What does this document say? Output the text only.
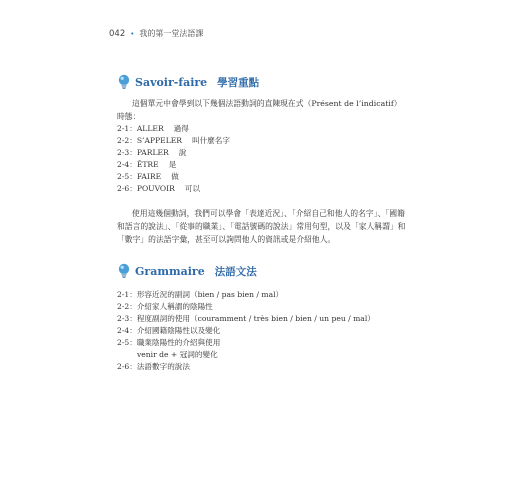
042 • 我的第一堂法語課
Savoir-faire 學習重點
這個單元中會學到以下幾個法語動詞的直陳現在式（Présent de l’indicatif）時態：
2-1：ALLER 過得
2-2：S’APPELER 叫什麼名字
2-3：PARLER 說
2-4：ÊTRE 是
2-5：FAIRE 做
2-6：POUVOIR 可以
使用這幾個動詞，我們可以學會「表達近況」、「介紹自己和他人的名字」、「國籍和語言的說法」、「從事的職業」、「電話號碼的說法」常用句型，以及「家人稱謂」和「數字」的法語字彙，甚至可以詢問他人的資訊或是介紹他人。
Grammaire 法語文法
2-1：形容近況的副詞（bien / pas bien / mal）
2-2：介紹家人稱謂的陰陽性
2-3：程度副詞的使用（couramment / très bien / bien / un peu / mal）
2-4：介紹國籍陰陽性以及變化
2-5：職業陰陽性的介紹與使用
venir de + 冠詞的變化
2-6：法語數字的說法
